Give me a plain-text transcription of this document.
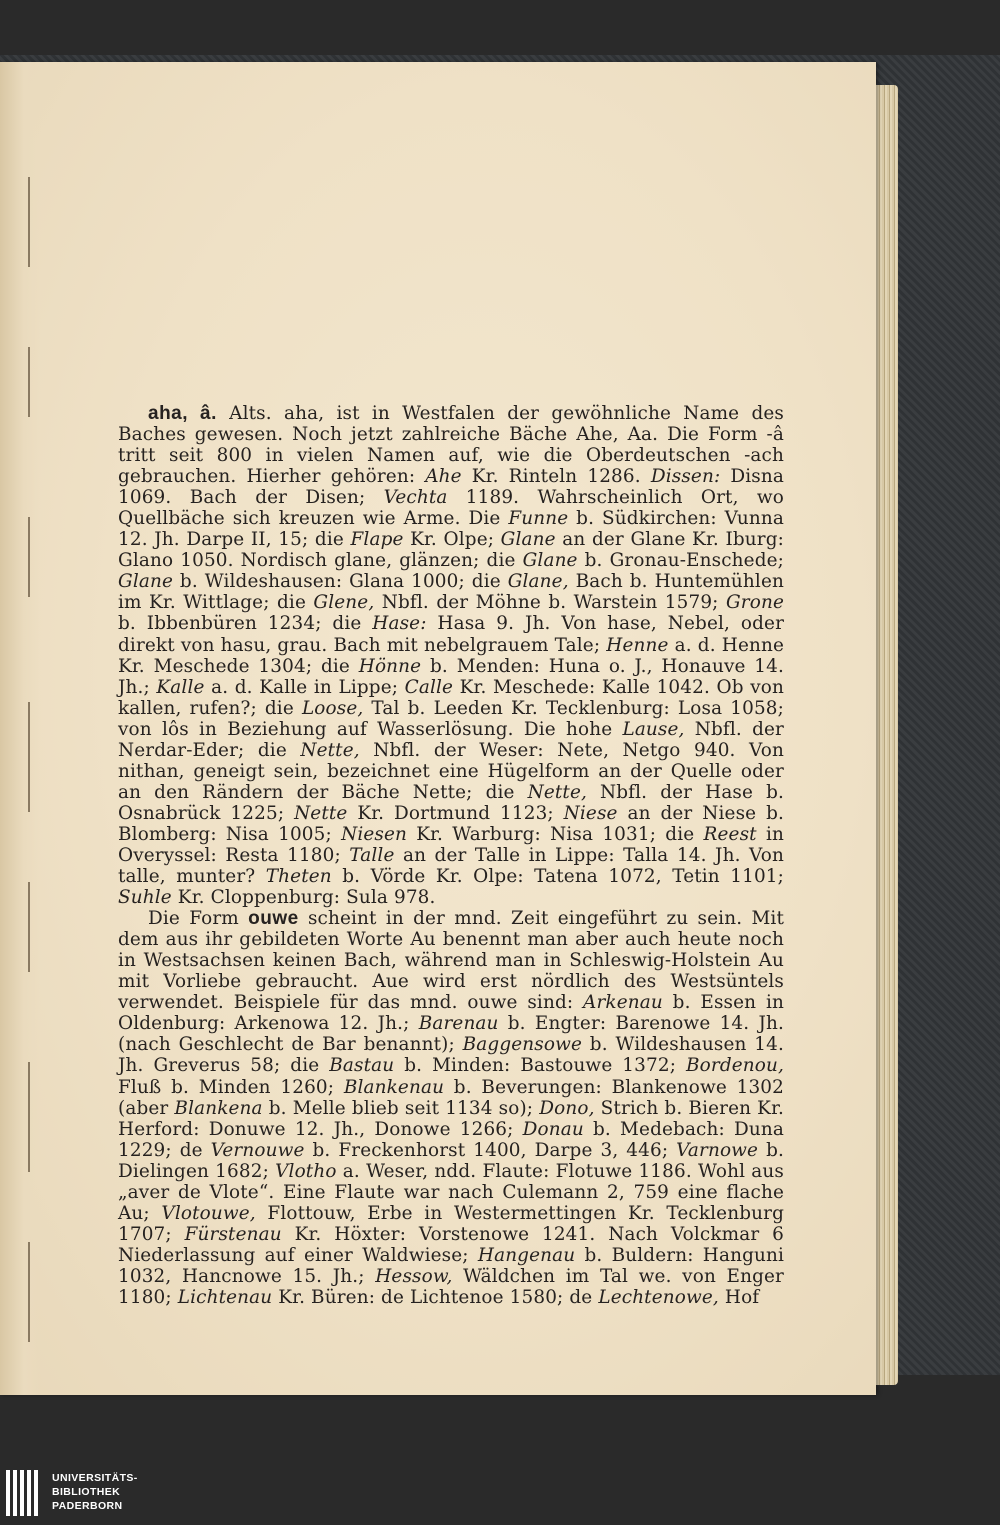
aha, â. Alts. aha, ist in Westfalen der gewöhnliche Name des Baches gewesen. Noch jetzt zahlreiche Bäche Ahe, Aa. Die Form -â tritt seit 800 in vielen Namen auf, wie die Oberdeutschen -ach gebrauchen. Hierher gehören: Ahe Kr. Rinteln 1286. Dissen: Disna 1069. Bach der Disen; Vechta 1189. Wahrscheinlich Ort, wo Quellbäche sich kreuzen wie Arme. Die Funne b. Südkirchen: Vunna 12. Jh. Darpe II, 15; die Flape Kr. Olpe; Glane an der Glane Kr. Iburg: Glano 1050. Nordisch glane, glänzen; die Glane b. Gronau-Enschede; Glane b. Wildeshausen: Glana 1000; die Glane, Bach b. Huntemühlen im Kr. Wittlage; die Glene, Nbfl. der Möhne b. Warstein 1579; Grone b. Ibbenbüren 1234; die Hase: Hasa 9. Jh. Von hase, Nebel, oder direkt von hasu, grau. Bach mit nebelgrauem Tale; Henne a. d. Henne Kr. Meschede 1304; die Hönne b. Menden: Huna o. J., Honauve 14. Jh.; Kalle a. d. Kalle in Lippe; Calle Kr. Meschede: Kalle 1042. Ob von kallen, rufen?; die Loose, Tal b. Leeden Kr. Tecklenburg: Losa 1058; von lôs in Beziehung auf Wasserlösung. Die hohe Lause, Nbfl. der Nerdar-Eder; die Nette, Nbfl. der Weser: Nete, Netgo 940. Von nithan, geneigt sein, bezeichnet eine Hügelform an der Quelle oder an den Rändern der Bäche Nette; die Nette, Nbfl. der Hase b. Osnabrück 1225; Nette Kr. Dortmund 1123; Niese an der Niese b. Blomberg: Nisa 1005; Niesen Kr. Warburg: Nisa 1031; die Reest in Overyssel: Resta 1180; Talle an der Talle in Lippe: Talla 14. Jh. Von talle, munter? Theten b. Vörde Kr. Olpe: Tatena 1072, Tetin 1101; Suhle Kr. Cloppenburg: Sula 978.

Die Form ouwe scheint in der mnd. Zeit eingeführt zu sein. Mit dem aus ihr gebildeten Worte Au benennt man aber auch heute noch in Westsachsen keinen Bach, während man in Schleswig-Holstein Au mit Vorliebe gebraucht. Aue wird erst nördlich des Westsüntels verwendet. Beispiele für das mnd. ouwe sind: Arkenau b. Essen in Oldenburg: Arkenowa 12. Jh.; Barenau b. Engter: Barenowe 14. Jh. (nach Geschlecht de Bar benannt); Baggensowe b. Wildeshausen 14. Jh. Greverus 58; die Bastau b. Minden: Bastouwe 1372; Bordenou, Fluß b. Minden 1260; Blankenau b. Beverungen: Blankenowe 1302 (aber Blankena b. Melle blieb seit 1134 so); Dono, Strich b. Bieren Kr. Herford: Donuwe 12. Jh., Donowe 1266; Donau b. Medebach: Duna 1229; de Vernouwe b. Freckenhorst 1400, Darpe 3, 446; Varnowe b. Dielingen 1682; Vlotho a. Weser, ndd. Flaute: Flotuwe 1186. Wohl aus „aver de Vlote“. Eine Flaute war nach Culemann 2, 759 eine flache Au; Vlotouwe, Flottouw, Erbe in Westermettingen Kr. Tecklenburg 1707; Fürstenau Kr. Höxter: Vorstenowe 1241. Nach Volckmar 6 Niederlassung auf einer Waldwiese; Hangenau b. Buldern: Hanguni 1032, Hancnowe 15. Jh.; Hessow, Wäldchen im Tal we. von Enger 1180; Lichtenau Kr. Büren: de Lichtenoe 1580; de Lechtenowe, Hof

UNIVERSITÄTS-
BIBLIOTHEK
PADERBORN
